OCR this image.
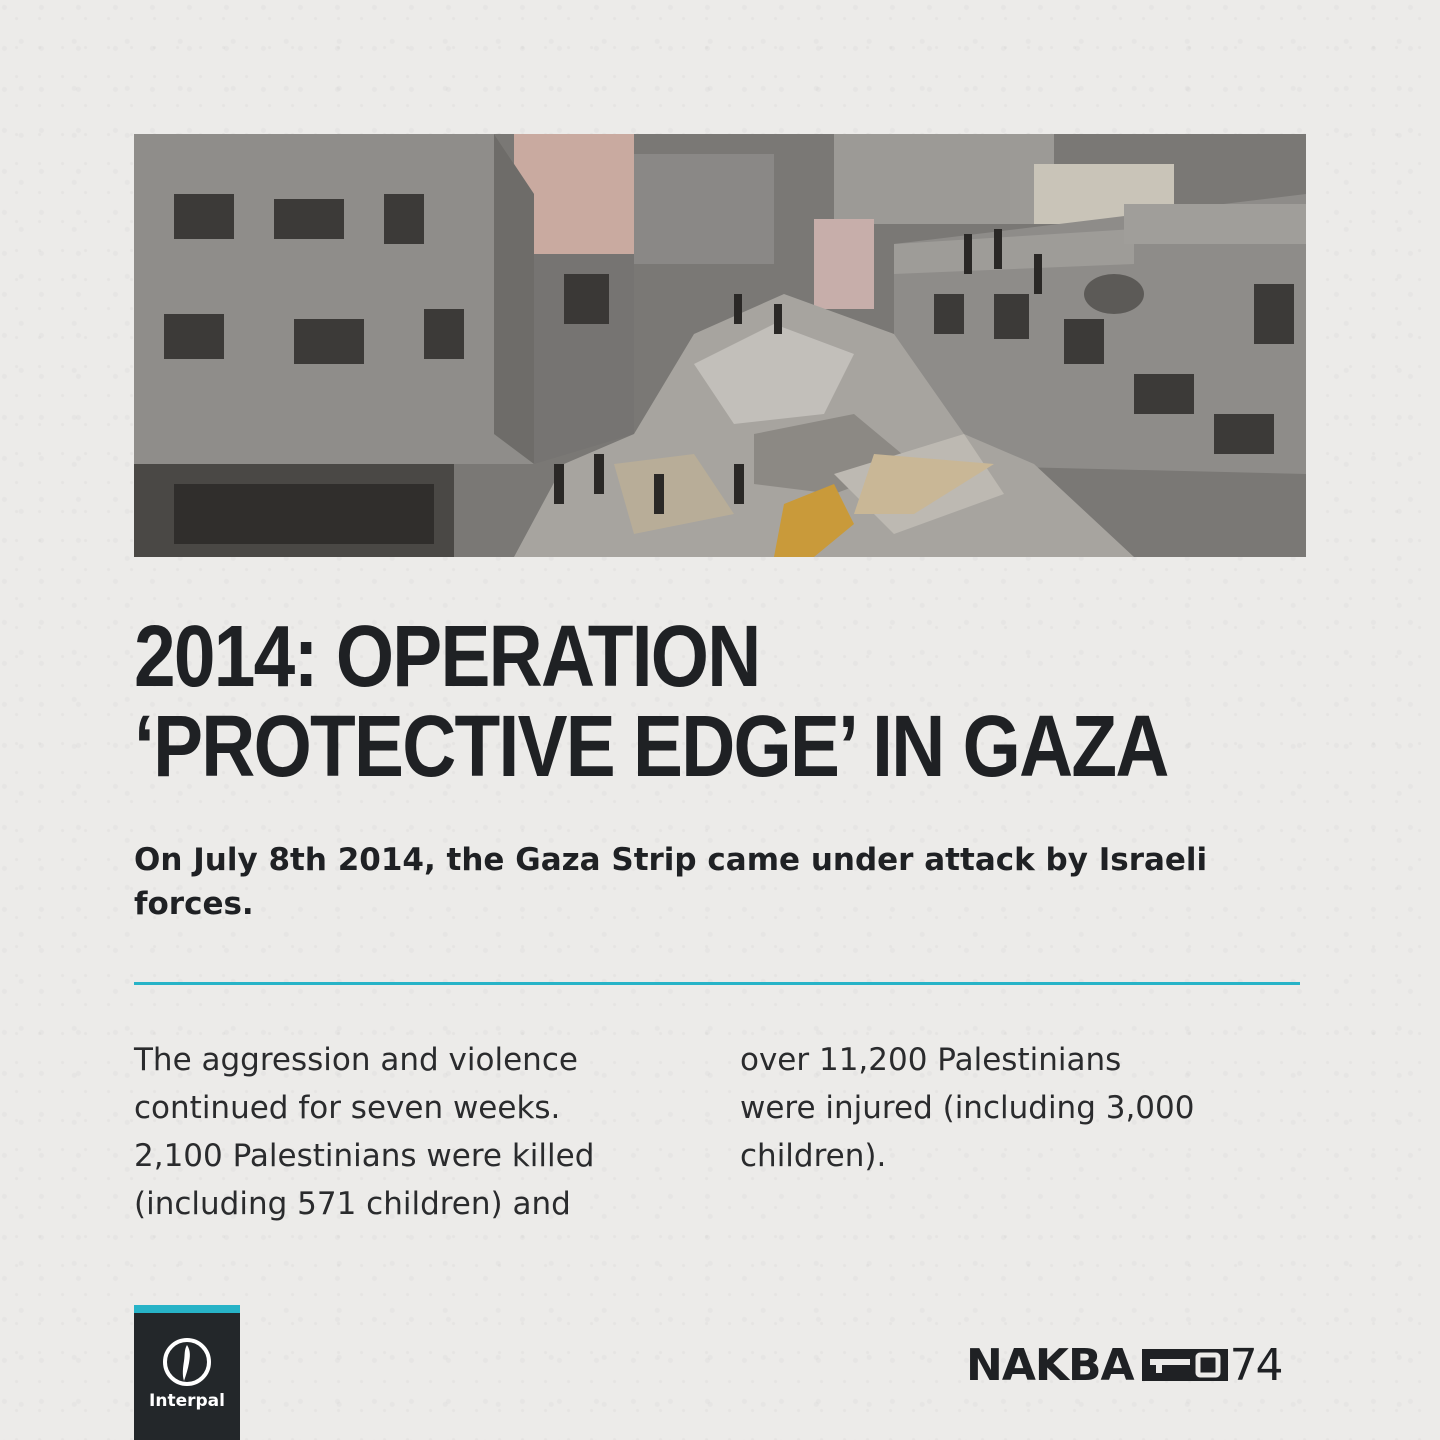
2014: OPERATION
‘PROTECTIVE EDGE’ IN GAZA

On July 8th 2014, the Gaza Strip came under attack by Israeli forces.

The aggression and violence
continued for seven weeks.
2,100 Palestinians were killed
(including 571 children) and

over 11,200 Palestinians
were injured (including 3,000
children).

Interpal
NAKBA 74
